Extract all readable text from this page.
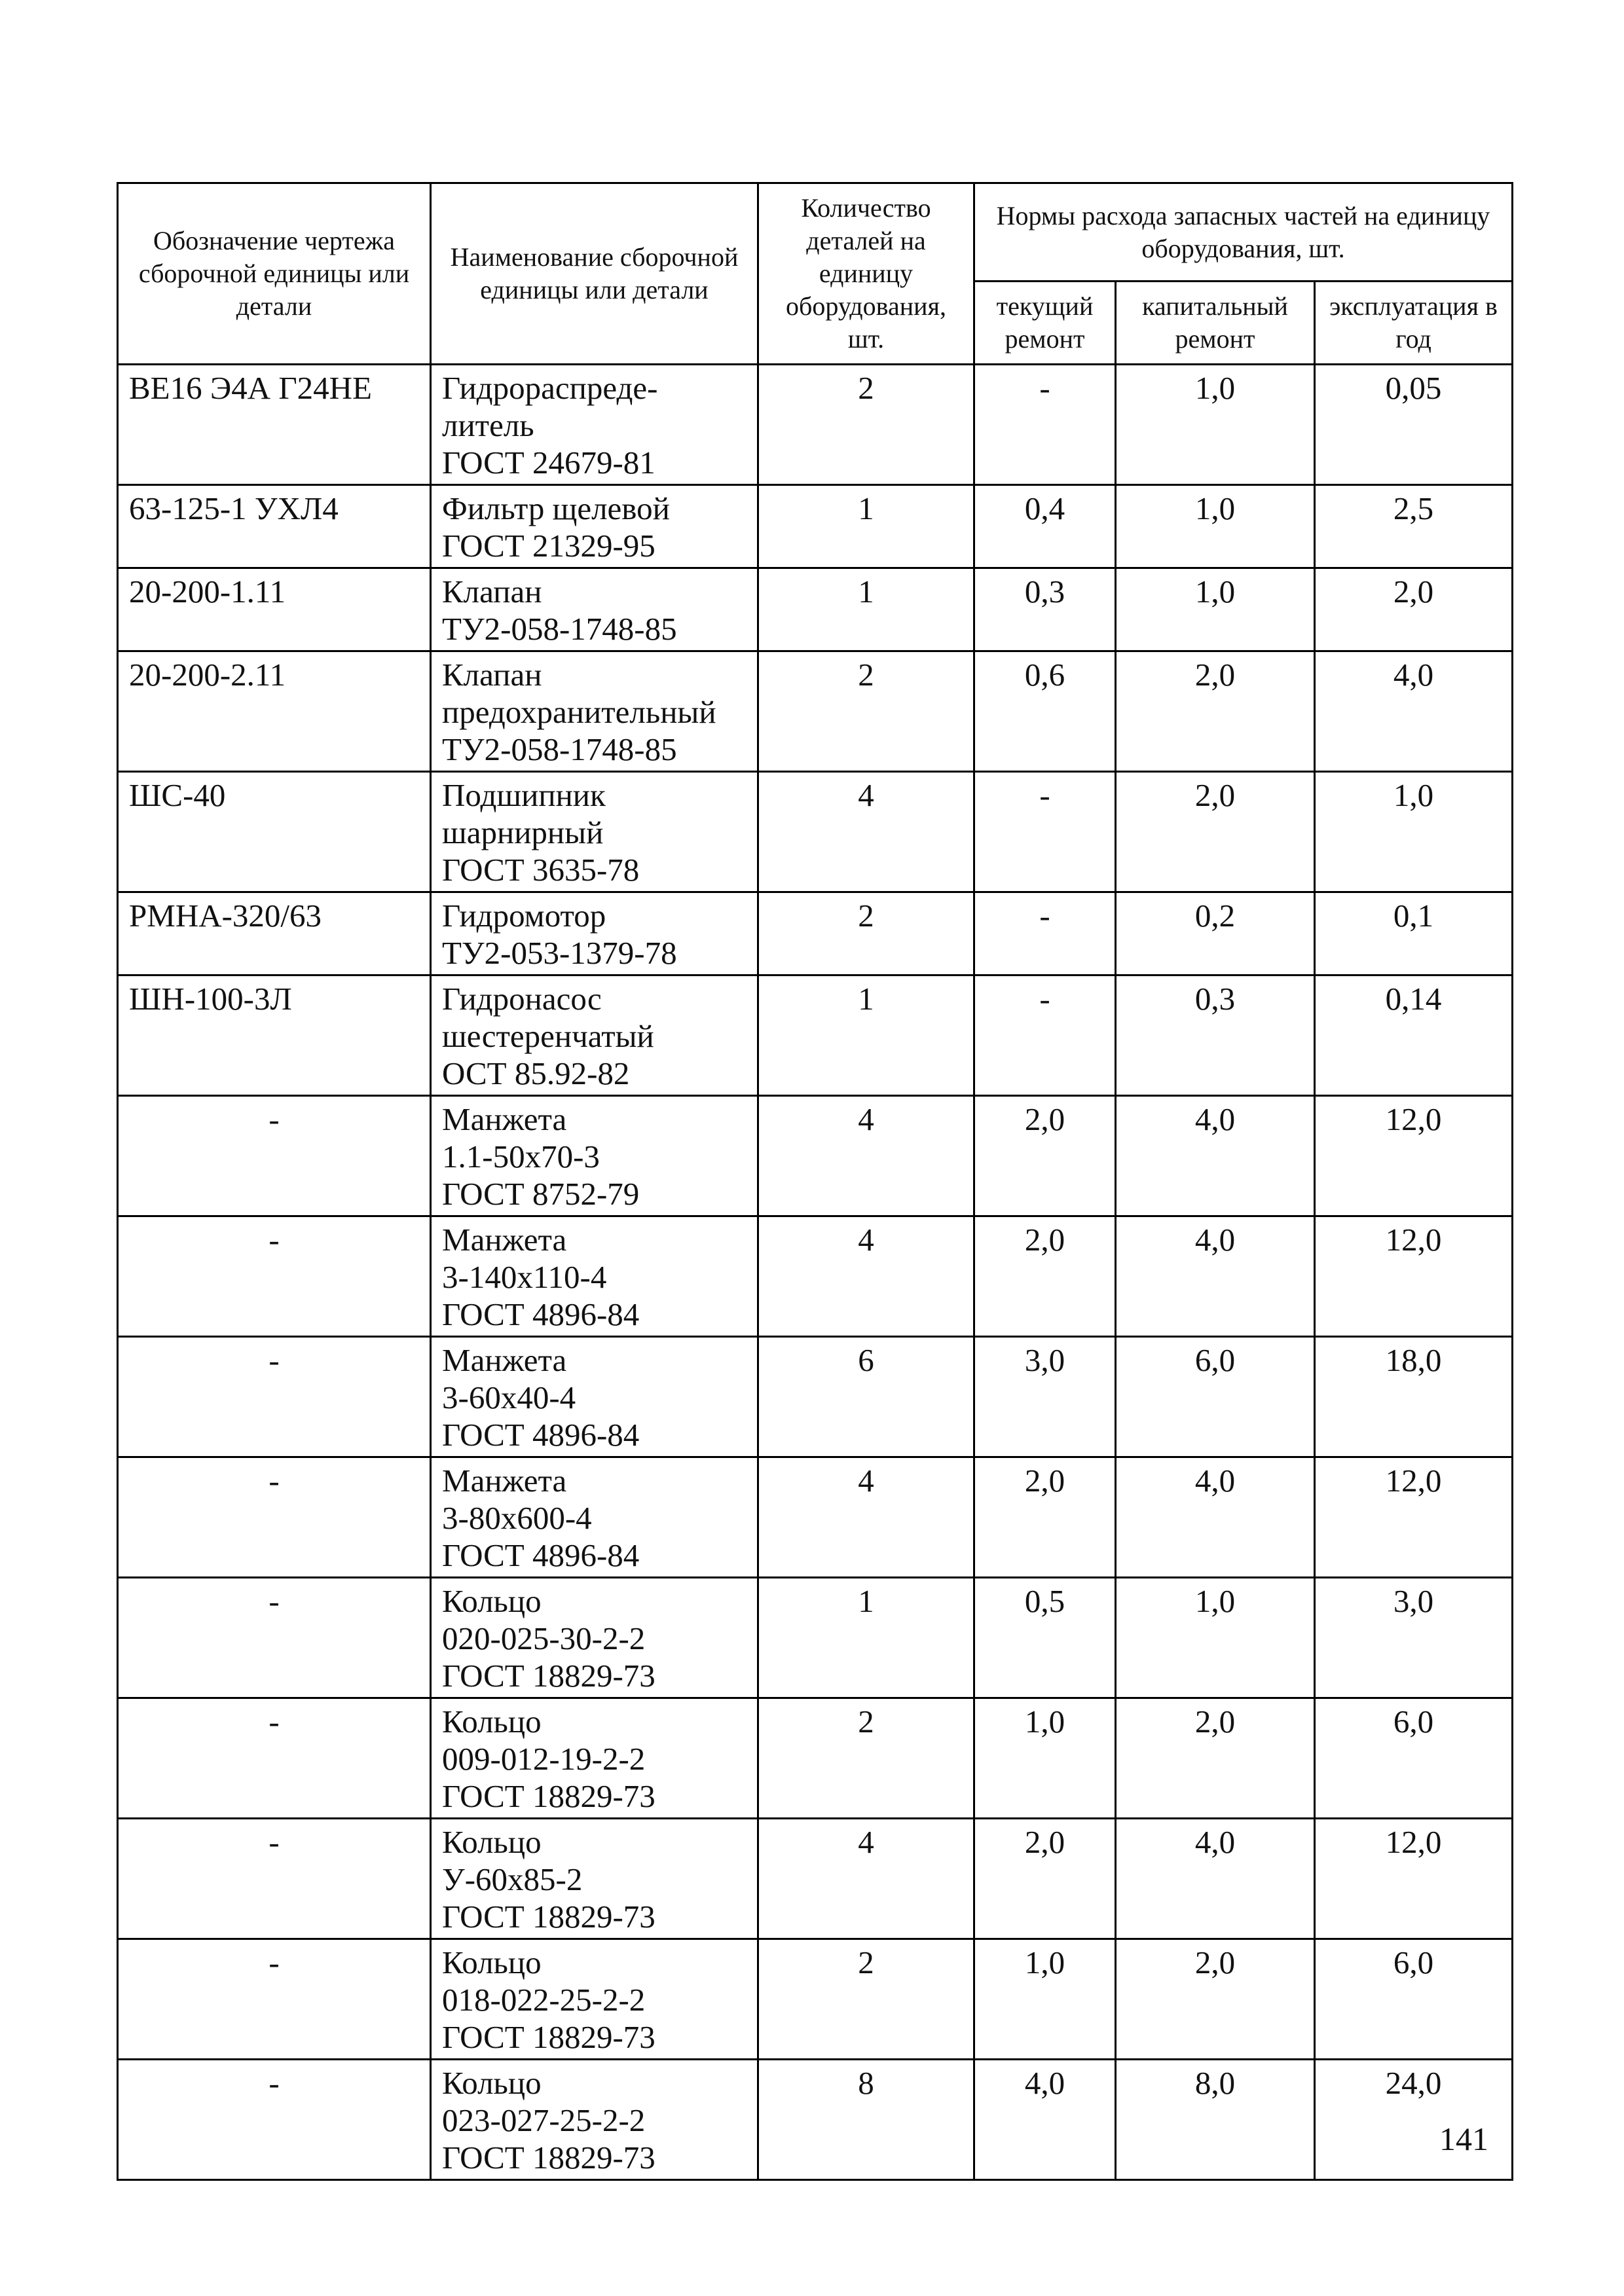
Обозначение чертежа сборочной единицы или детали	Наименование сборочной единицы или детали	Количество деталей на единицу оборудования, шт.	Нормы расхода запасных частей на единицу оборудования, шт.		
			текущий ремонт	капитальный ремонт	эксплуатация в год
ВЕ16 Э4А Г24НЕ	Гидрораспреде-
литель
ГОСТ 24679-81	2	-	1,0	0,05
63-125-1 УХЛ4	Фильтр щелевой
ГОСТ 21329-95	1	0,4	1,0	2,5
20-200-1.11	Клапан
ТУ2-058-1748-85	1	0,3	1,0	2,0
20-200-2.11	Клапан
предохранительный
ТУ2-058-1748-85	2	0,6	2,0	4,0
ШС-40	Подшипник
шарнирный
ГОСТ 3635-78	4	-	2,0	1,0
РМНА-320/63	Гидромотор
ТУ2-053-1379-78	2	-	0,2	0,1
ШН-100-3Л	Гидронасос
шестеренчатый
ОСТ 85.92-82	1	-	0,3	0,14
-	Манжета
1.1-50х70-3
ГОСТ 8752-79	4	2,0	4,0	12,0
-	Манжета
3-140х110-4
ГОСТ 4896-84	4	2,0	4,0	12,0
-	Манжета
3-60х40-4
ГОСТ 4896-84	6	3,0	6,0	18,0
-	Манжета
3-80х600-4
ГОСТ 4896-84	4	2,0	4,0	12,0
-	Кольцо
020-025-30-2-2
ГОСТ 18829-73	1	0,5	1,0	3,0
-	Кольцо
009-012-19-2-2
ГОСТ 18829-73	2	1,0	2,0	6,0
-	Кольцо
У-60х85-2
ГОСТ 18829-73	4	2,0	4,0	12,0
-	Кольцо
018-022-25-2-2
ГОСТ 18829-73	2	1,0	2,0	6,0
-	Кольцо
023-027-25-2-2
ГОСТ 18829-73	8	4,0	8,0	24,0
141
